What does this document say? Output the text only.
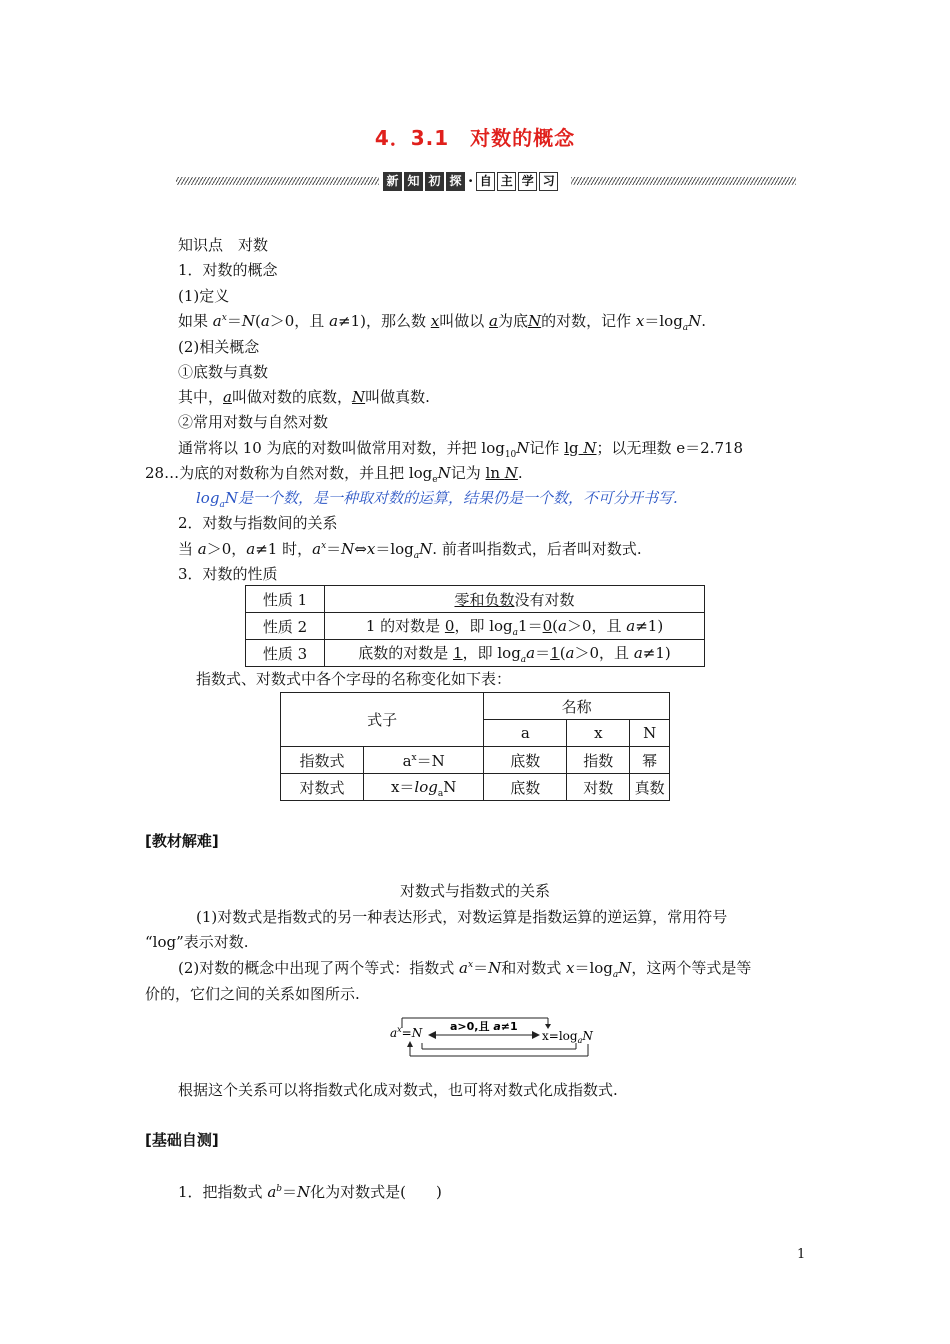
4．3.1　对数的概念
新 知 初 探 · 自 主 学 习
知识点　对数
1．对数的概念
(1)定义
如果 $a^x=N(a>0$，且 a≠1)，那么数 x叫做以 a为底N的对数，记作 $x=\log_aN$.
(2)相关概念
①底数与真数
其中，a叫做对数的底数，N叫做真数.
②常用对数与自然对数
通常将以 10 为底的对数叫做常用对数，并把 $\log_{10}N$记作 lg N；以无理数 e＝2.718
28…为底的对数称为自然对数，并且把 $\log_eN$记为 ln N.
$\log_aN$是一个数，是一种取对数的运算，结果仍是一个数，不可分开书写.
2．对数与指数间的关系
当 a＞0，a≠1 时，$a^x=N\Leftrightarrow x=\log_aN$. 前者叫指数式，后者叫对数式.
3．对数的性质
性质 1	零和负数没有对数
性质 2	1 的对数是 0，即 $\log_a1=0(a>0$，且 a≠1)
性质 3	底数的对数是 1，即 $\log_aa=1(a>0$，且 a≠1)
指数式、对数式中各个字母的名称变化如下表：
式子		名称		
		a	x	N
指数式	$a^x=N$	底数	指数	幂
对数式	$x=\log_aN$	底数	对数	真数
[教材解难]
对数式与指数式的关系
(1)对数式是指数式的另一种表达形式，对数运算是指数运算的逆运算，常用符号
“log”表示对数.
(2)对数的概念中出现了两个等式：指数式 $a^x=N$和对数式 $x=\log_aN$，这两个等式是等
价的，它们之间的关系如图所示.
$a^x=N$	a>0,且 a≠1
$x=\log_aN$
根据这个关系可以将指数式化成对数式，也可将对数式化成指数式.
[基础自测]
1．把指数式 $a^b=N$化为对数式是(　　)
1
